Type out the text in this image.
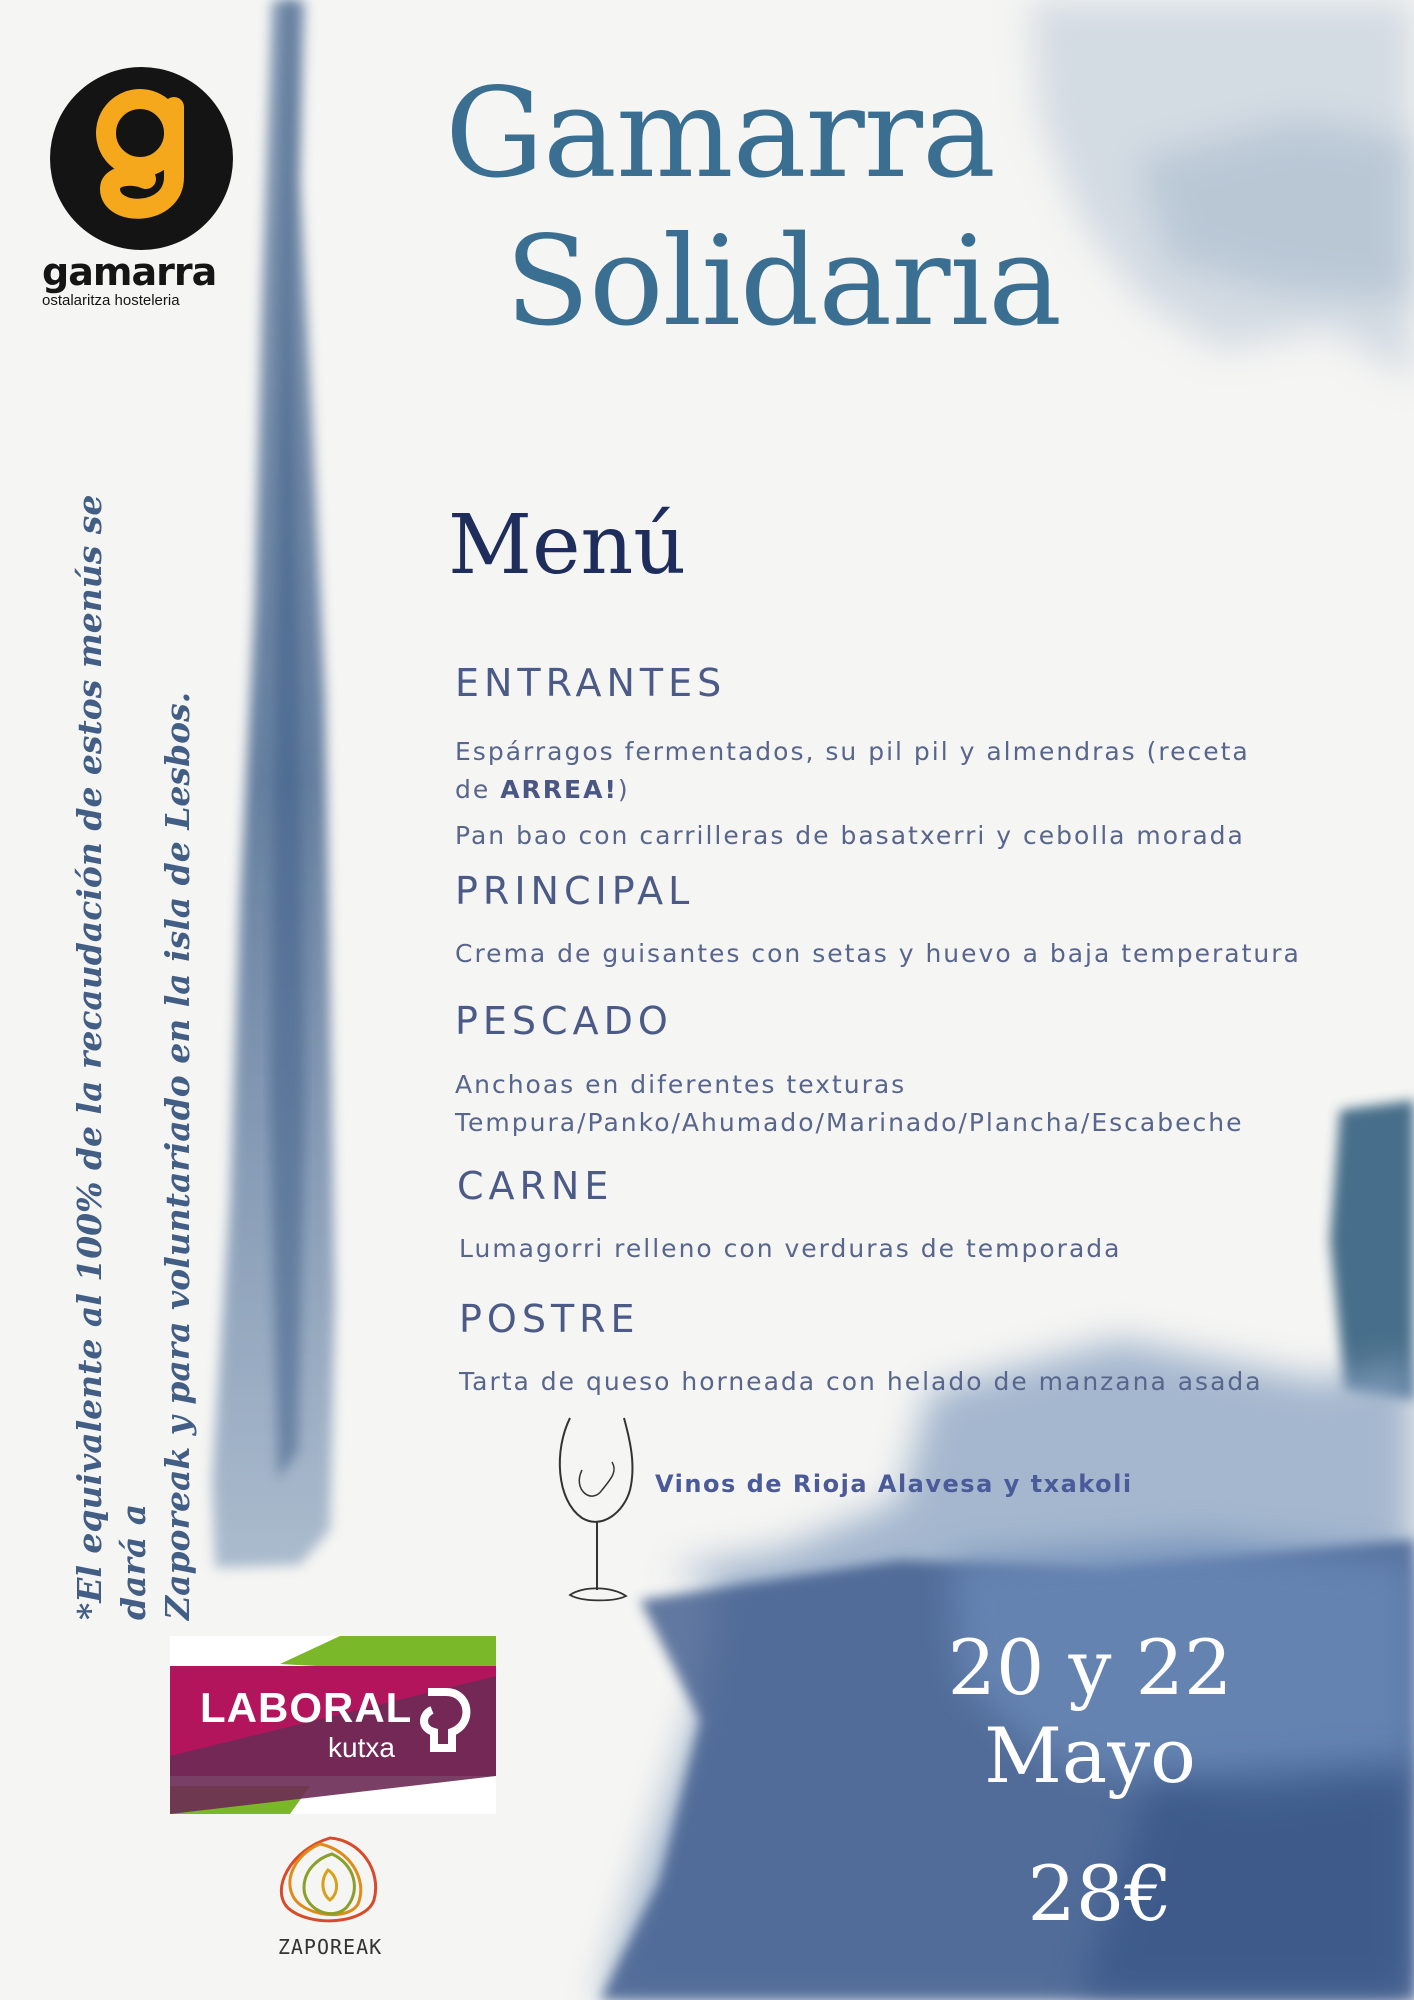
gamarra
ostalaritza hosteleria
Gamarra
Solidaria
Menú
ENTRANTES
Espárragos fermentados, su pil pil y almendras (receta
de ARREA!)
Pan bao con carrilleras de basatxerri y cebolla morada
PRINCIPAL
Crema de guisantes con setas y huevo a baja temperatura
PESCADO
Anchoas en diferentes texturas
Tempura/Panko/Ahumado/Marinado/Plancha/Escabeche
CARNE
Lumagorri relleno con verduras de temporada
POSTRE
Tarta de queso horneada con helado de manzana asada
Vinos de Rioja Alavesa y txakoli
*El equivalente al 100% de la recaudación de estos menús se dará a Zaporeak y para voluntariado en la isla de Lesbos.
20 y 22
Mayo
28€
LABORAL
kutxa
ZAPOREAK
